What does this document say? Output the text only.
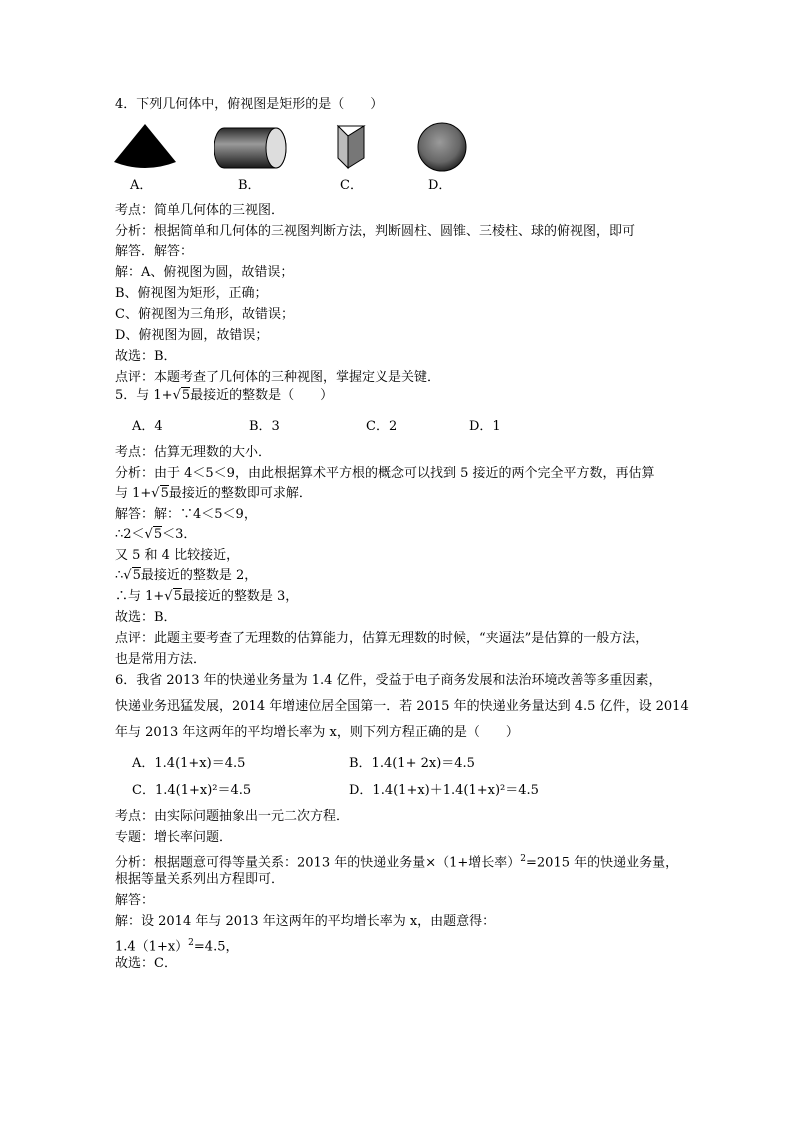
4．下列几何体中，俯视图是矩形的是（　　）
A．	B．	C．	D．
考点：简单几何体的三视图．
分析：根据简单和几何体的三视图判断方法，判断圆柱、圆锥、三棱柱、球的俯视图，即可
解答．解答：
解：A、俯视图为圆，故错误；
B、俯视图为矩形，正确；
C、俯视图为三角形，故错误；
D、俯视图为圆，故错误；
故选：B．
点评：本题考查了几何体的三种视图，掌握定义是关键．
5．与 1+√5最接近的整数是（　　）
A．4	B．3	C．2	D．1
考点：估算无理数的大小．
分析：由于 4＜5＜9，由此根据算术平方根的概念可以找到 5 接近的两个完全平方数，再估算
与 1+√5最接近的整数即可求解．
解答：解：∵4＜5＜9，
∴2＜√5＜3．
又 5 和 4 比较接近，
∴√5最接近的整数是 2，
∴与 1+√5最接近的整数是 3，
故选：B．
点评：此题主要考查了无理数的估算能力，估算无理数的时候，“夹逼法”是估算的一般方法，
也是常用方法．
6．我省 2013 年的快递业务量为 1.4 亿件，受益于电子商务发展和法治环境改善等多重因素，
快递业务迅猛发展，2014 年增速位居全国第一．若 2015 年的快递业务量达到 4.5 亿件，设 2014
年与 2013 年这两年的平均增长率为 x，则下列方程正确的是（　　）
A．1.4(1+x)＝4.5	B．1.4(1+ 2x)＝4.5
C．1.4(1+x)²＝4.5	D．1.4(1+x)＋1.4(1+x)²＝4.5
考点：由实际问题抽象出一元二次方程．
专题：增长率问题．
分析：根据题意可得等量关系：2013 年的快递业务量×（1+增长率）$^2$=2015 年的快递业务量，
根据等量关系列出方程即可．
解答：
解：设 2014 年与 2013 年这两年的平均增长率为 x，由题意得：
$1.4(1+x)^2=4.5$，
故选：C．
